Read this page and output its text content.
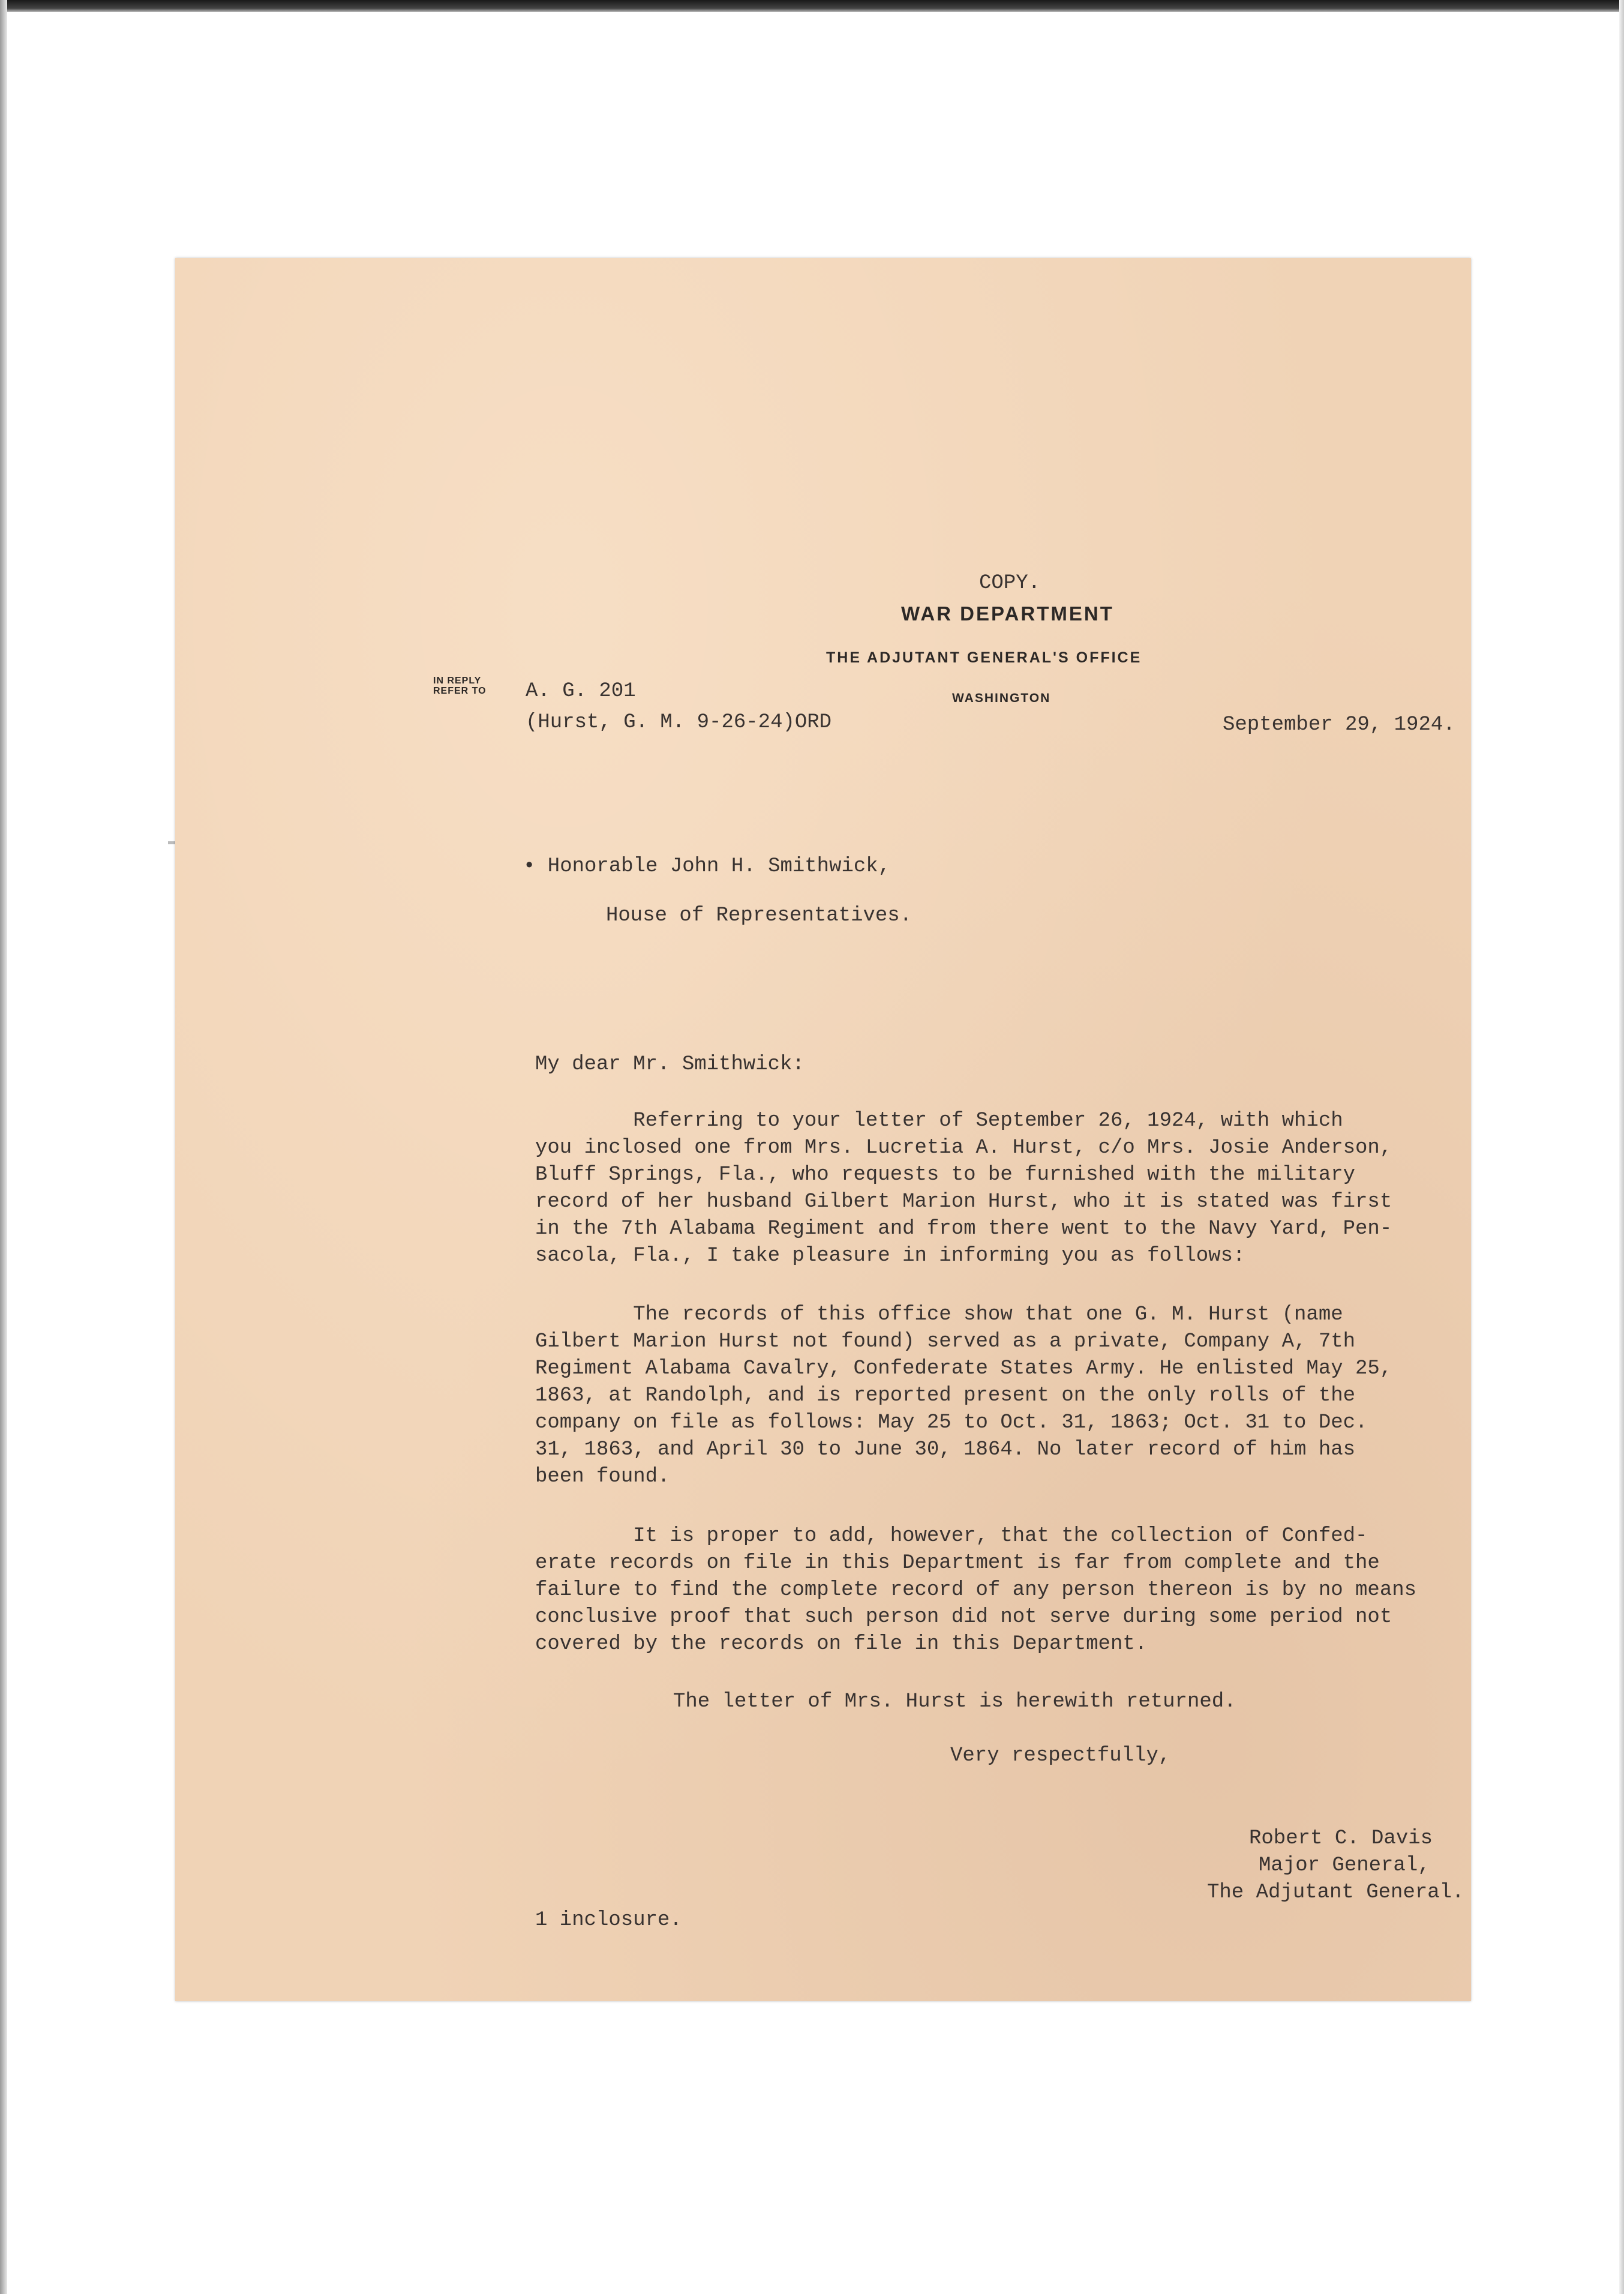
COPY.
WAR DEPARTMENT
THE ADJUTANT GENERAL'S OFFICE
WASHINGTON
IN REPLY
REFER TO A. G. 201
(Hurst, G. M. 9-26-24)ORD	September 29, 1924.
• Honorable John H. Smithwick,
House of Representatives.
My dear Mr. Smithwick:

Referring to your letter of September 26, 1924, with which
you inclosed one from Mrs. Lucretia A. Hurst, c/o Mrs. Josie Anderson,
Bluff Springs, Fla., who requests to be furnished with the military
record of her husband Gilbert Marion Hurst, who it is stated was first
in the 7th Alabama Regiment and from there went to the Navy Yard, Pen-
sacola, Fla., I take pleasure in informing you as follows:

The records of this office show that one G. M. Hurst (name
Gilbert Marion Hurst not found) served as a private, Company A, 7th
Regiment Alabama Cavalry, Confederate States Army. He enlisted May 25,
1863, at Randolph, and is reported present on the only rolls of the
company on file as follows: May 25 to Oct. 31, 1863; Oct. 31 to Dec.
31, 1863, and April 30 to June 30, 1864. No later record of him has
been found.

It is proper to add, however, that the collection of Confed-
erate records on file in this Department is far from complete and the
failure to find the complete record of any person thereon is by no means
conclusive proof that such person did not serve during some period not
covered by the records on file in this Department.

The letter of Mrs. Hurst is herewith returned.

Very respectfully,
Robert C. Davis
Major General,
The Adjutant General.
1 inclosure.
